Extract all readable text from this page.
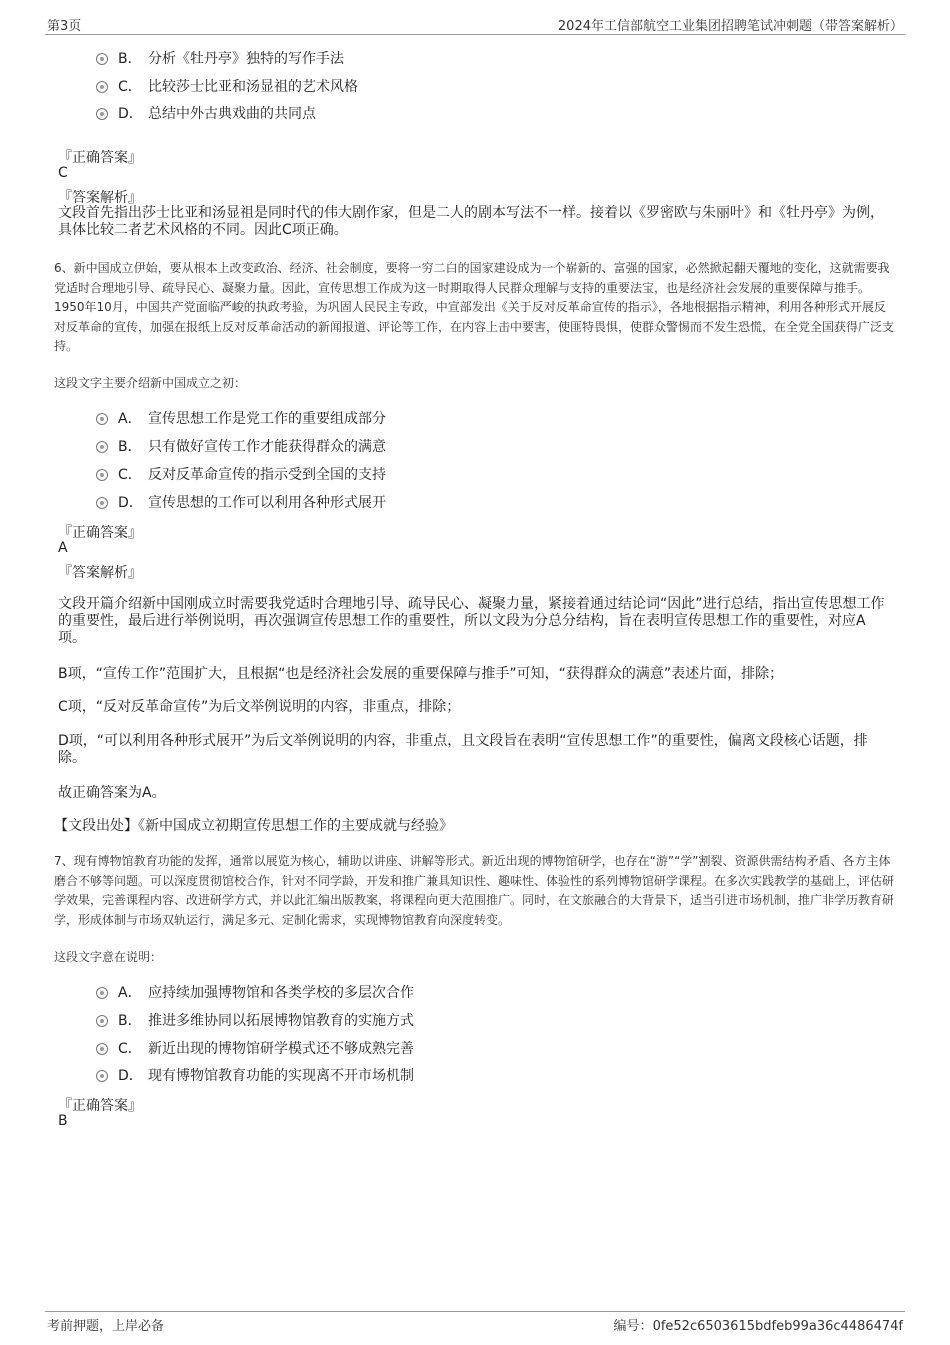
第3页	2024年工信部航空工业集团招聘笔试冲刺题（带答案解析）
B． 分析《牡丹亭》独特的写作手法
C． 比较莎士比亚和汤显祖的艺术风格
D． 总结中外古典戏曲的共同点
『正确答案』
C
『答案解析』
文段首先指出莎士比亚和汤显祖是同时代的伟大剧作家，但是二人的剧本写法不一样。接着以《罗密欧与朱丽叶》和《牡丹亭》为例，具体比较二者艺术风格的不同。因此C项正确。
6、新中国成立伊始，要从根本上改变政治、经济、社会制度，要将一穷二白的国家建设成为一个崭新的、富强的国家，必然掀起翻天覆地的变化，这就需要我党适时合理地引导、疏导民心、凝聚力量。因此，宣传思想工作成为这一时期取得人民群众理解与支持的重要法宝，也是经济社会发展的重要保障与推手。1950年10月，中国共产党面临严峻的执政考验，为巩固人民民主专政，中宣部发出《关于反对反革命宣传的指示》，各地根据指示精神，利用各种形式开展反对反革命的宣传，加强在报纸上反对反革命活动的新闻报道、评论等工作，在内容上击中要害，使匪特畏惧，使群众警惕而不发生恐慌，在全党全国获得广泛支持。
这段文字主要介绍新中国成立之初：
A． 宣传思想工作是党工作的重要组成部分
B． 只有做好宣传工作才能获得群众的满意
C． 反对反革命宣传的指示受到全国的支持
D． 宣传思想的工作可以利用各种形式展开
『正确答案』
A
『答案解析』
文段开篇介绍新中国刚成立时需要我党适时合理地引导、疏导民心、凝聚力量，紧接着通过结论词“因此”进行总结，指出宣传思想工作的重要性，最后进行举例说明，再次强调宣传思想工作的重要性，所以文段为分总分结构，旨在表明宣传思想工作的重要性，对应A项。
B项，“宣传工作”范围扩大，且根据“也是经济社会发展的重要保障与推手”可知，“获得群众的满意”表述片面，排除；
C项，“反对反革命宣传”为后文举例说明的内容，非重点，排除；
D项，“可以利用各种形式展开”为后文举例说明的内容，非重点，且文段旨在表明“宣传思想工作”的重要性，偏离文段核心话题，排除。
故正确答案为A。
【文段出处】《新中国成立初期宣传思想工作的主要成就与经验》
7、现有博物馆教育功能的发挥，通常以展览为核心，辅助以讲座、讲解等形式。新近出现的博物馆研学，也存在“游”“学”割裂、资源供需结构矛盾、各方主体磨合不够等问题。可以深度贯彻馆校合作，针对不同学龄，开发和推广兼具知识性、趣味性、体验性的系列博物馆研学课程。在多次实践教学的基础上，评估研学效果，完善课程内容、改进研学方式，并以此汇编出版教案，将课程向更大范围推广。同时，在文旅融合的大背景下，适当引进市场机制，推广非学历教育研学，形成体制与市场双轨运行，满足多元、定制化需求，实现博物馆教育向深度转变。
这段文字意在说明：
A． 应持续加强博物馆和各类学校的多层次合作
B． 推进多维协同以拓展博物馆教育的实施方式
C． 新近出现的博物馆研学模式还不够成熟完善
D． 现有博物馆教育功能的实现离不开市场机制
『正确答案』
B
考前押题，上岸必备	编号：0fe52c6503615bdfeb99a36c4486474f
